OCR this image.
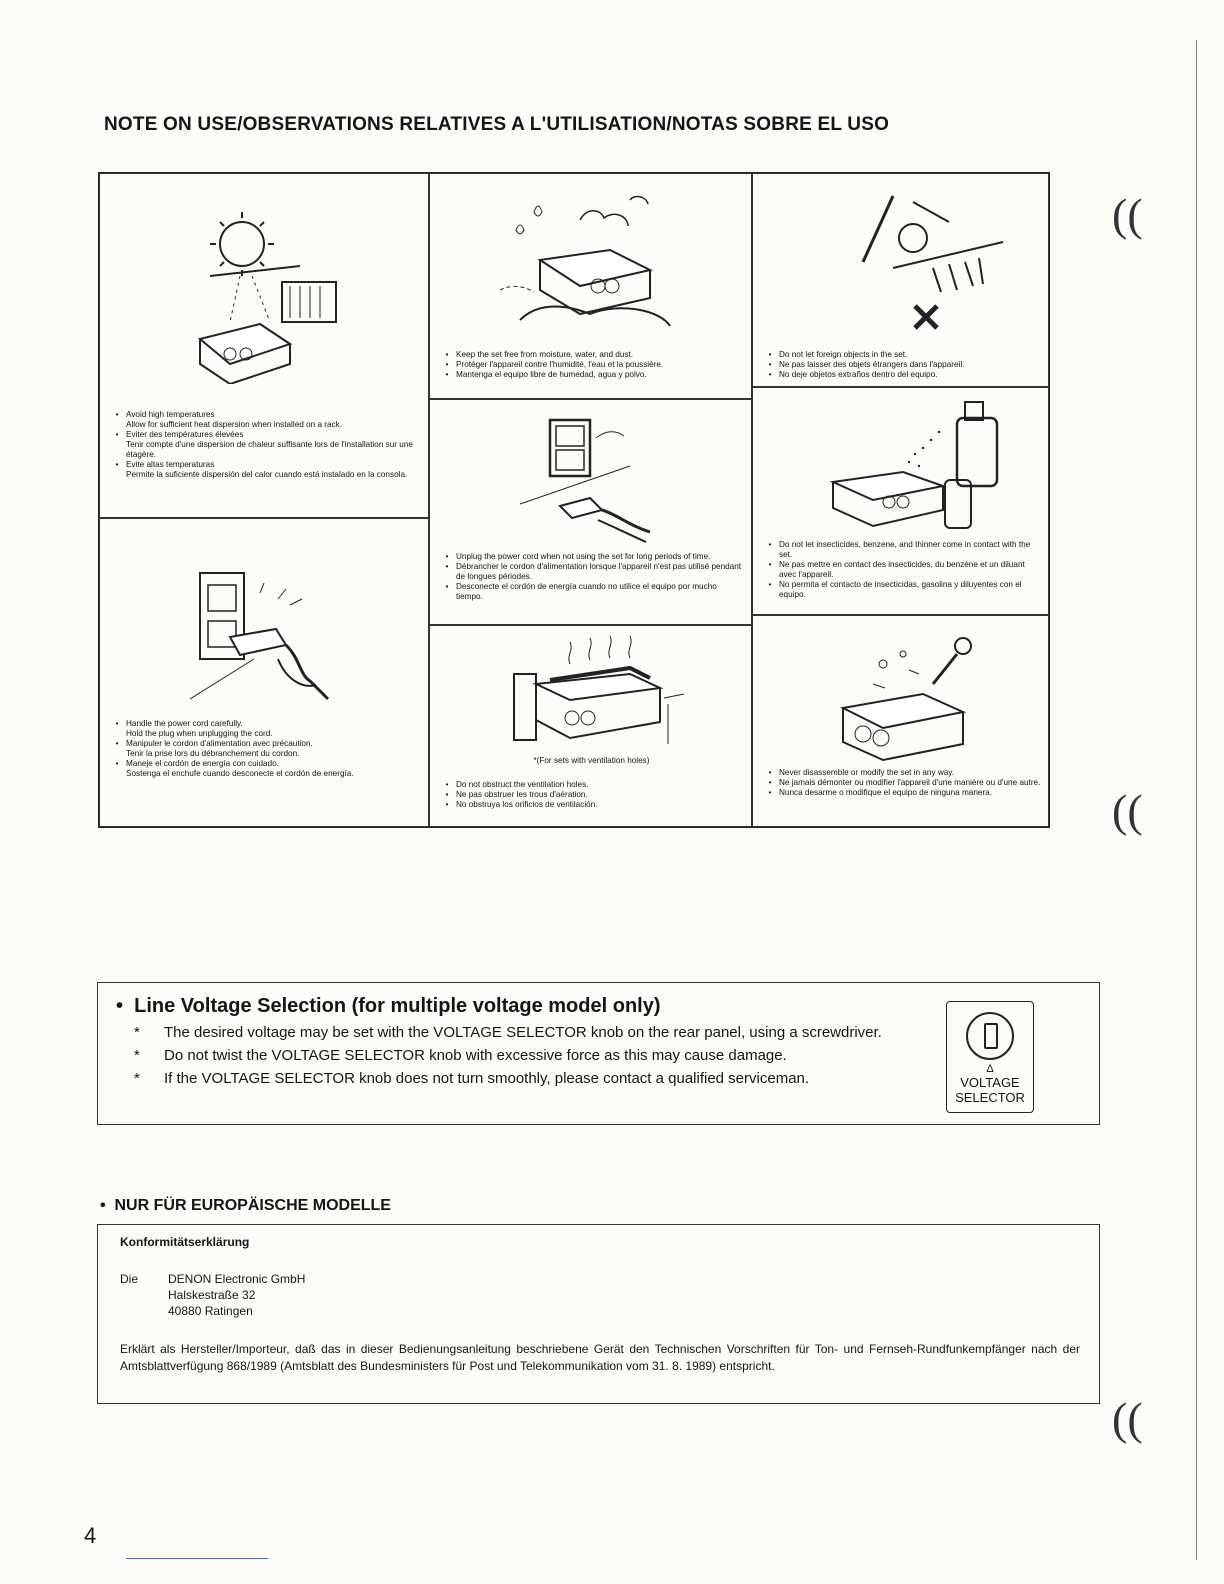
((
((
((
NOTE ON USE/OBSERVATIONS RELATIVES A L'UTILISATION/NOTAS SOBRE EL USO
• Avoid high temperatures
Allow for sufficient heat dispersion when installed on a rack.
• Eviter des températures élevées
Tenir compte d'une dispersion de chaleur suffisante lors de l'installation sur une étagère.
• Evite altas temperaturas
Permite la suficiente dispersión del calor cuando está instalado en la consola.
• Handle the power cord carefully.
Hold the plug when unplugging the cord.
• Manipuler le cordon d'alimentation avec précaution.
Tenir la prise lors du débranchement du cordon.
• Maneje el cordón de energía con cuidado.
Sostenga el enchufe cuando desconecte el cordón de energía.
• Keep the set free from moisture, water, and dust.
• Protéger l'appareil contre l'humidité, l'eau et la poussière.
• Mantenga el equipo libre de humedad, agua y polvo.
• Unplug the power cord when not using the set for long periods of time.
• Débrancher le cordon d'alimentation lorsque l'appareil n'est pas utilisé pendant de longues périodes.
• Desconecte el cordón de energía cuando no utilice el equipo por mucho tiempo.
*(For sets with ventilation holes)
• Do not obstruct the ventilation holes.
• Ne pas obstruer les trous d'aération.
• No obstruya los orificios de ventilación.
• Do not let foreign objects in the set.
• Ne pas laisser des objets étrangers dans l'appareil.
• No deje objetos extraños dentro del equipo.
• Do not let insecticides, benzene, and thinner come in contact with the set.
• Ne pas mettre en contact des insecticides, du benzène et un diluant avec l'appareil.
• No permita el contacto de insecticidas, gasolina y diluyentes con el equipo.
• Never disassemble or modify the set in any way.
• Ne jamais démonter ou modifier l'appareil d'une manière ou d'une autre.
• Nunca desarme o modifique el equipo de ninguna manera.
• Line Voltage Selection (for multiple voltage model only)
*	The desired voltage may be set with the VOLTAGE SELECTOR knob on the rear panel, using a screwdriver.
*	Do not twist the VOLTAGE SELECTOR knob with excessive force as this may cause damage.
*	If the VOLTAGE SELECTOR knob does not turn smoothly, please contact a qualified serviceman.
Δ
VOLTAGE
SELECTOR
• NUR FÜR EUROPÄISCHE MODELLE
Konformitätserklärung
Die DENON Electronic GmbH
Halskestraße 32
40880 Ratingen
Erklärt als Hersteller/Importeur, daß das in dieser Bedienungsanleitung beschriebene Gerät den Technischen Vorschriften für Ton- und Fernseh-Rundfunkempfänger nach der Amtsblattverfügung 868/1989 (Amtsblatt des Bundesministers für Post und Telekommunikation vom 31. 8. 1989) entspricht.
4
